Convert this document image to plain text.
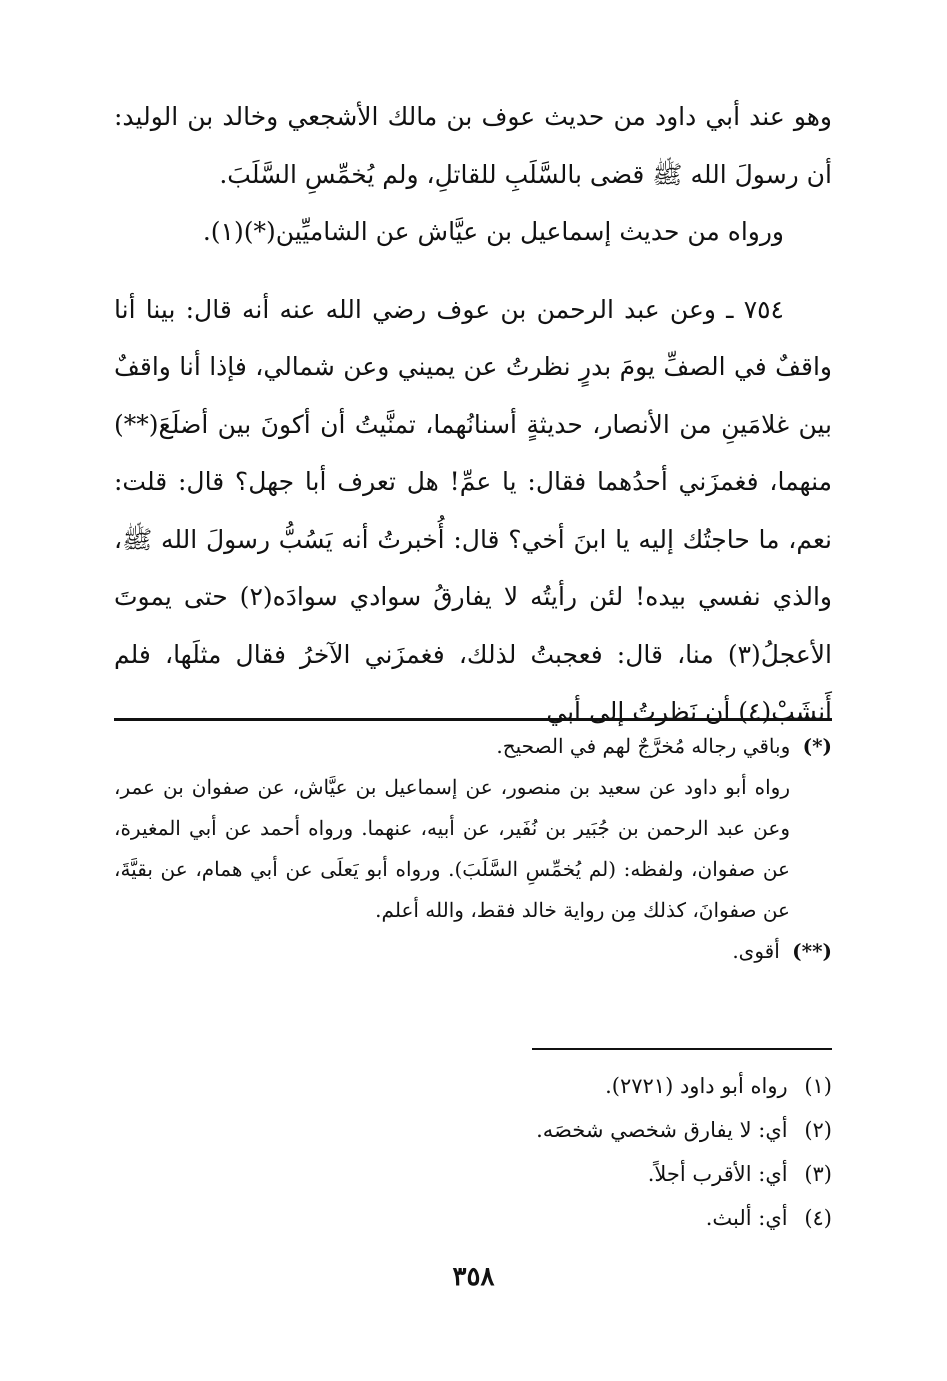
وهو عند أبي داود من حديث عوف بن مالك الأشجعي وخالد بن الوليد: أن رسولَ الله ﷺ قضى بالسَّلَبِ للقاتلِ، ولم يُخمِّسِ السَّلَبَ.

ورواه من حديث إسماعيل بن عيَّاش عن الشاميِّين(*)(١).

٧٥٤ ـ وعن عبد الرحمن بن عوف رضي الله عنه أنه قال: بينا أنا واقفٌ في الصفِّ يومَ بدرٍ نظرتُ عن يميني وعن شمالي، فإذا أنا واقفٌ بين غلامَينِ من الأنصار، حديثةٍ أسنانُهما، تمنَّيتُ أن أكونَ بين أضلَعَ(**) منهما، فغمزَني أحدُهما فقال: يا عمِّ! هل تعرف أبا جهل؟ قال: قلت: نعم، ما حاجتُك إليه يا ابنَ أخي؟ قال: أُخبرتُ أنه يَسُبُّ رسولَ الله ﷺ، والذي نفسي بيده! لئن رأيتُه لا يفارقُ سوادي سوادَه(٢) حتى يموتَ الأعجلُ(٣) منا، قال: فعجبتُ لذلك، فغمزَني الآخرُ فقال مثلَها، فلم أَنشَبْ(٤) أن نَظرتُ إلى أبي

(*) وباقي رجاله مُخرَّجٌ لهم في الصحيح.

رواه أبو داود عن سعيد بن منصور، عن إسماعيل بن عيَّاش، عن صفوان بن عمر، وعن عبد الرحمن بن جُبَير بن نُفَير، عن أبيه، عنهما. ورواه أحمد عن أبي المغيرة، عن صفوان، ولفظه: (لم يُخمِّسِ السَّلَبَ). ورواه أبو يَعلَى عن أبي همام، عن بقيَّةَ، عن صفوانَ، كذلك مِن رواية خالد فقط، والله أعلم.

(**) أقوى.

(١) رواه أبو داود (٢٧٢١).

(٢) أي: لا يفارق شخصي شخصَه.

(٣) أي: الأقرب أجلاً.

(٤) أي: ألبث.

٣٥٨
